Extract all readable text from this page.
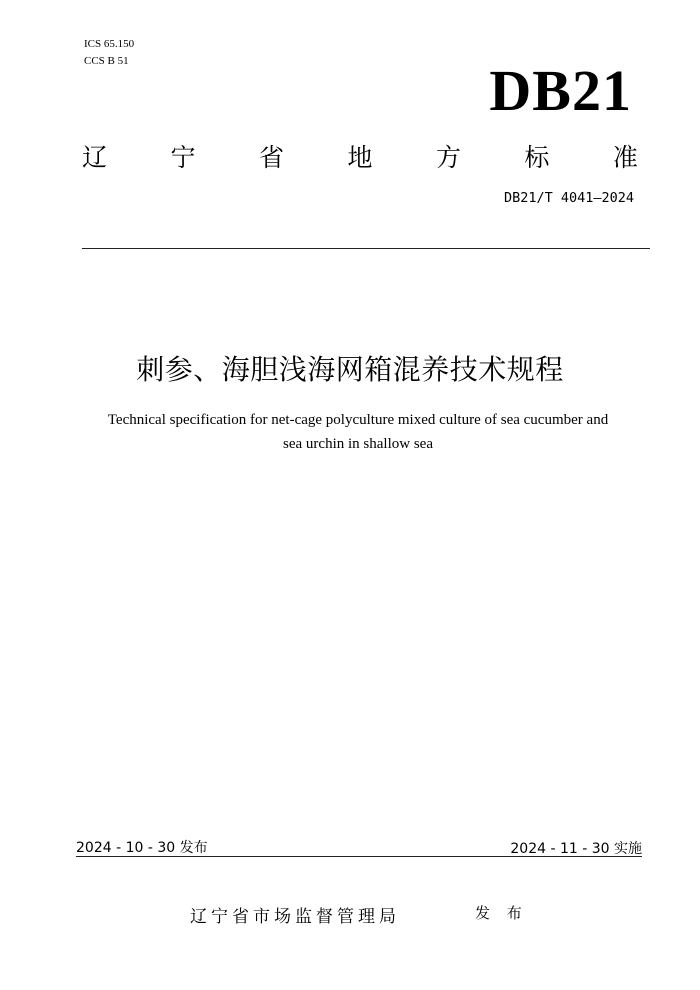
ICS 65.150
CCS B 51	DB21
辽	宁	省	地	方	标	准
DB21/T 4041—2024
刺参、海胆浅海网箱混养技术规程
Technical specification for net-cage polyculture mixed culture of sea cucumber and
sea urchin in shallow sea
2024 - 10 - 30 发布	2024 - 11 - 30 实施
辽宁省市场监督管理局	发 布
